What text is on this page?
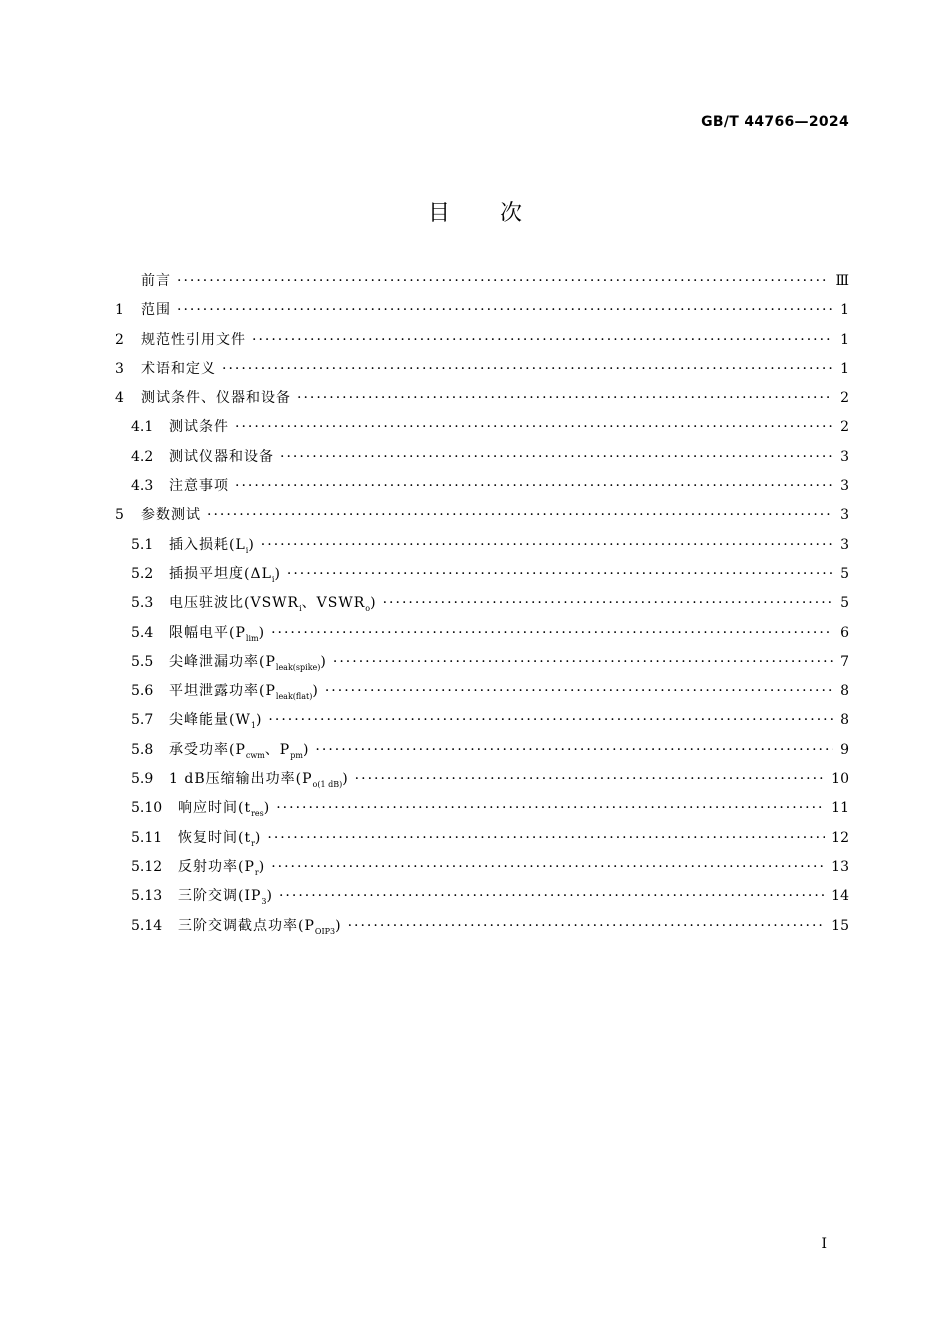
GB/T 44766—2024
目次
前言 ·····	Ⅲ
1	范围 ·····	1
2	规范性引用文件 ·····	1
3	术语和定义 ·····	1
4	测试条件、仪器和设备 ·····	2
4.1	测试条件 ·····	2
4.2	测试仪器和设备 ·····	3
4.3	注意事项 ·····	3
5	参数测试 ·····	3
5.1	插入损耗$(L_i)$ ·····	3
5.2	插损平坦度$(\Delta L_i)$ ·····	5
5.3	电压驻波比($VSWR_i$、$VSWR_o$) ·····	5
5.4	限幅电平$(P_{lim})$ ·····	6
5.5	尖峰泄漏功率$(P_{leak(spike)})$ ·····	7
5.6	平坦泄露功率$(P_{leak(flat)})$ ·····	8
5.7	尖峰能量$(W_1)$ ·····	8
5.8	承受功率($P_{cwm}$、$P_{pm}$) ·····	9
5.9	1 dB压缩输出功率$(P_{o(1 dB)})$ ·····	10
5.10	响应时间$(t_{res})$ ·····	11
5.11	恢复时间$(t_r)$ ·····	12
5.12	反射功率$(P_r)$ ·····	13
5.13	三阶交调$(IP_3)$ ·····	14
5.14	三阶交调截点功率$(P_{OIP3})$ ·····	15
I
